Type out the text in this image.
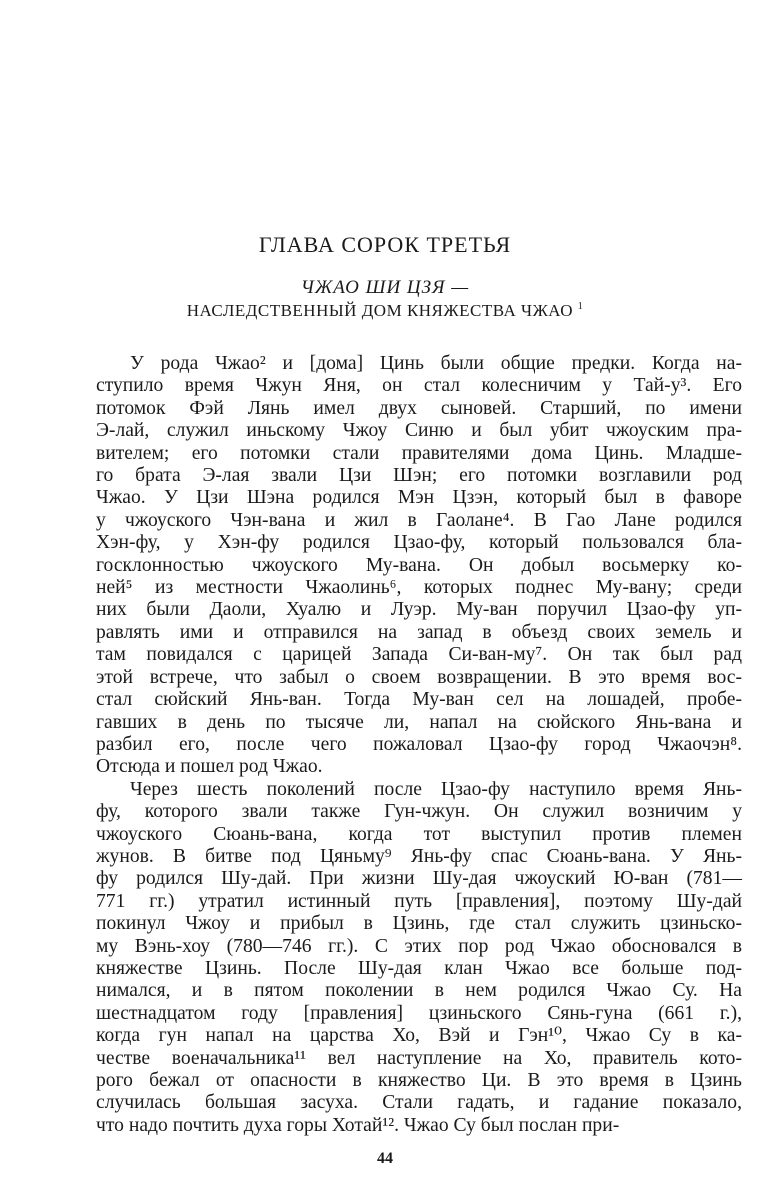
ГЛАВА СОРОК ТРЕТЬЯ
ЧЖАО ШИ ЦЗЯ —
НАСЛЕДСТВЕННЫЙ ДОМ КНЯЖЕСТВА ЧЖАО $^1$
У рода Чжао² и [дома] Цинь были общие предки. Когда на-
ступило время Чжун Яня, он стал колесничим у Тай-у³. Его
потомок Фэй Лянь имел двух сыновей. Старший, по имени
Э-лай, служил иньскому Чжоу Синю и был убит чжоуским пра-
вителем; его потомки стали правителями дома Цинь. Младше-
го брата Э-лая звали Цзи Шэн; его потомки возглавили род
Чжао. У Цзи Шэна родился Мэн Цзэн, который был в фаворе
у чжоуского Чэн-вана и жил в Гаолане⁴. В Гао Лане родился
Хэн-фу, у Хэн-фу родился Цзао-фу, который пользовался бла-
госклонностью чжоуского Му-вана. Он добыл восьмерку ко-
ней⁵ из местности Чжаолинь⁶, которых поднес Му-вану; среди
них были Даоли, Хуалю и Луэр. Му-ван поручил Цзао-фу уп-
равлять ими и отправился на запад в объезд своих земель и
там повидался с царицей Запада Си-ван-му⁷. Он так был рад
этой встрече, что забыл о своем возвращении. В это время вос-
стал сюйский Янь-ван. Тогда Му-ван сел на лошадей, пробе-
гавших в день по тысяче ли, напал на сюйского Янь-вана и
разбил его, после чего пожаловал Цзао-фу город Чжаочэн⁸.
Отсюда и пошел род Чжао.
Через шесть поколений после Цзао-фу наступило время Янь-
фу, которого звали также Гун-чжун. Он служил возничим у
чжоуского Сюань-вана, когда тот выступил против племен
жунов. В битве под Цяньму⁹ Янь-фу спас Сюань-вана. У Янь-
фу родился Шу-дай. При жизни Шу-дая чжоуский Ю-ван (781—
771 гг.) утратил истинный путь [правления], поэтому Шу-дай
покинул Чжоу и прибыл в Цзинь, где стал служить цзиньско-
му Вэнь-хоу (780—746 гг.). С этих пор род Чжао обосновался в
княжестве Цзинь. После Шу-дая клан Чжао все больше под-
нимался, и в пятом поколении в нем родился Чжао Су. На
шестнадцатом году [правления] цзиньского Сянь-гуна (661 г.),
когда гун напал на царства Хо, Вэй и Гэн¹⁰, Чжао Су в ка-
честве военачальника¹¹ вел наступление на Хо, правитель кото-
рого бежал от опасности в княжество Ци. В это время в Цзинь
случилась большая засуха. Стали гадать, и гадание показало,
что надо почтить духа горы Хотай¹². Чжао Су был послан при-
44
